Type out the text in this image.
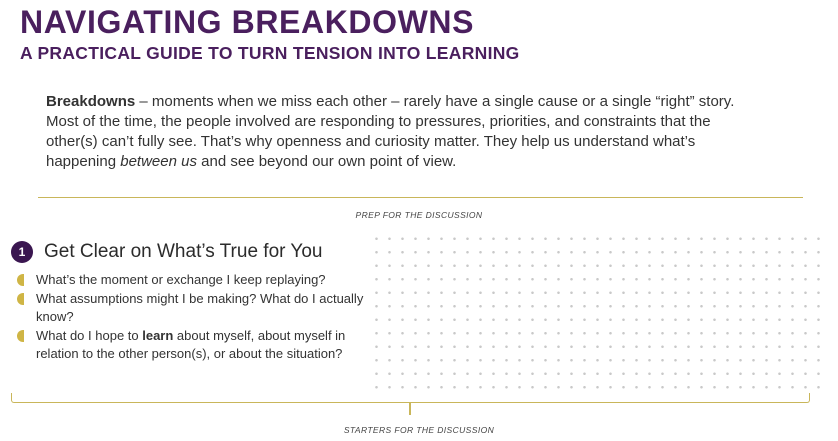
NAVIGATING BREAKDOWNS
A PRACTICAL GUIDE TO TURN TENSION INTO LEARNING

Breakdowns – moments when we miss each other – rarely have a single cause or a single “right” story. Most of the time, the people involved are responding to pressures, priorities, and constraints that the other(s) can’t fully see. That’s why openness and curiosity matter. They help us understand what’s happening between us and see beyond our own point of view.

PREP FOR THE DISCUSSION
1 Get Clear on What’s True for You
What’s the moment or exchange I keep replaying?
What assumptions might I be making? What do I actually know?
What do I hope to learn about myself, about myself in relation to the other person(s), or about the situation?
STARTERS FOR THE DISCUSSION
